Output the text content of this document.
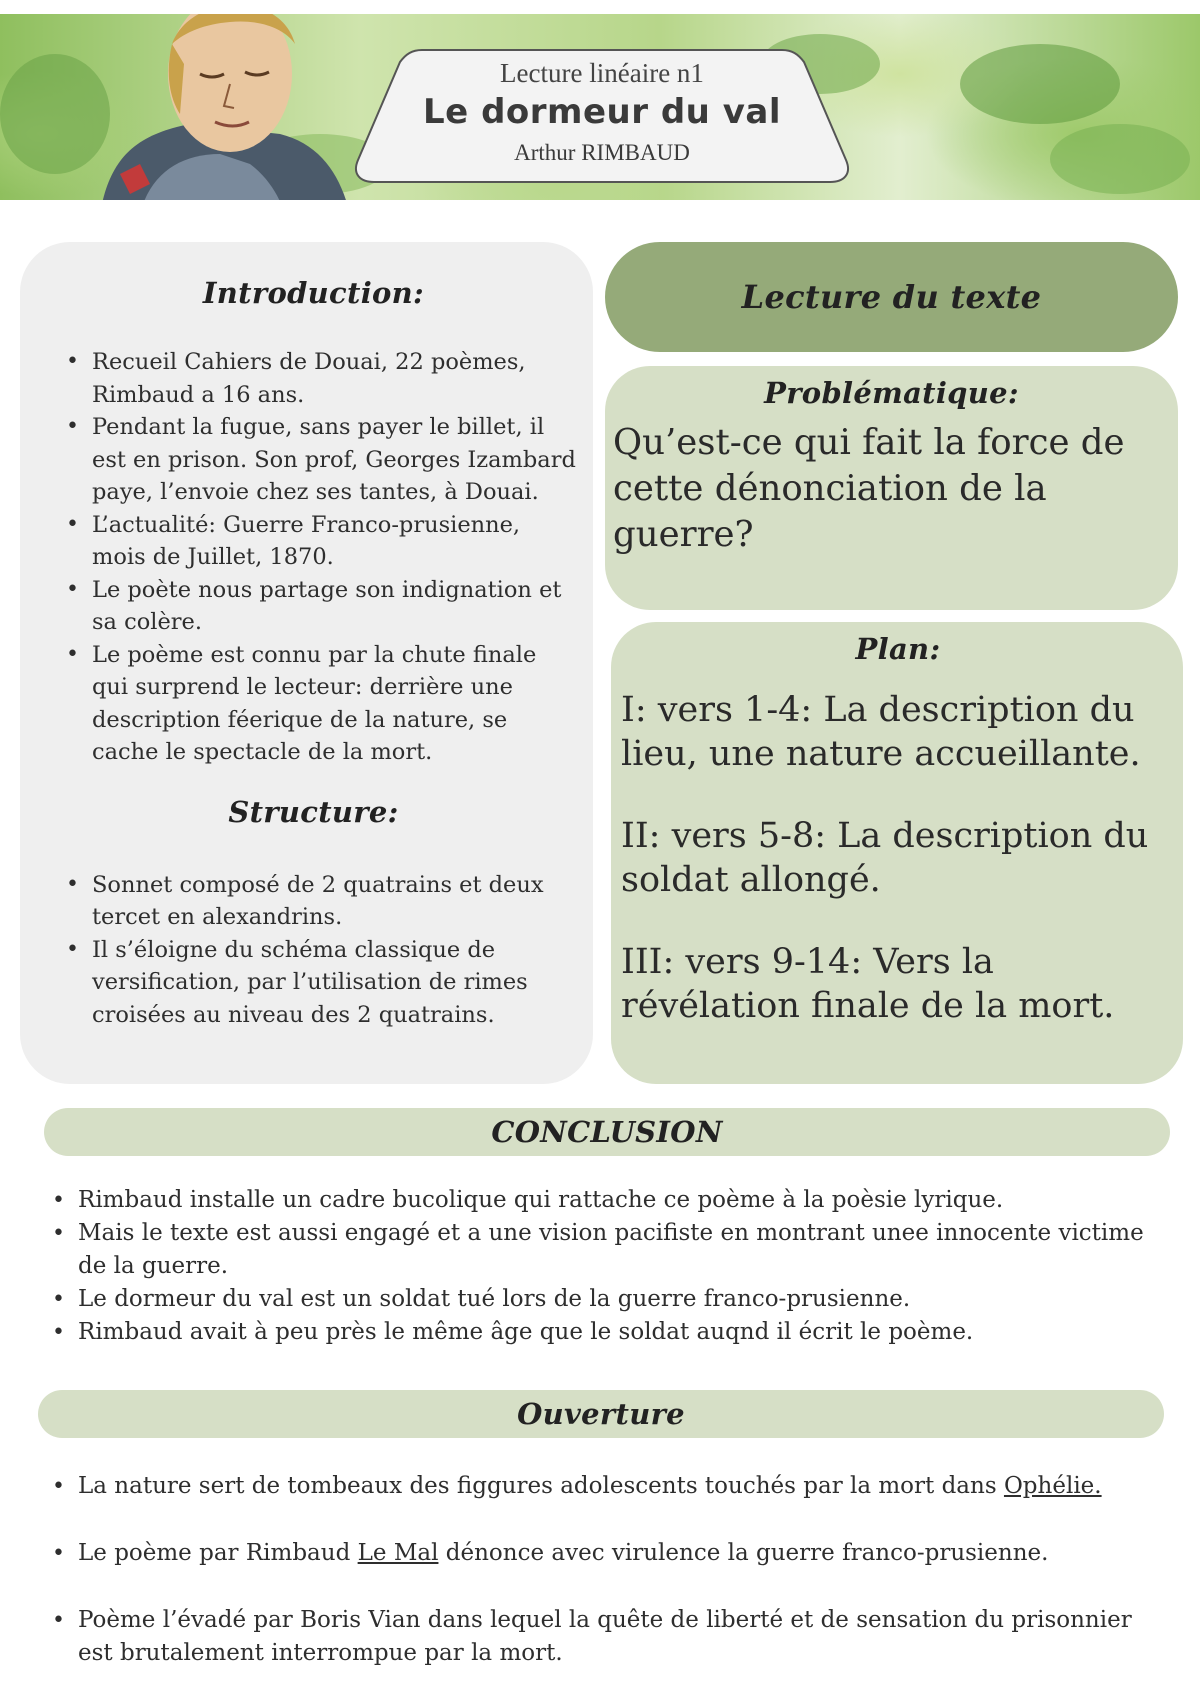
Lecture linéaire n1
Le dormeur du val
Arthur RIMBAUD
Introduction:
• Recueil Cahiers de Douai, 22 poèmes, Rimbaud a 16 ans.
• Pendant la fugue, sans payer le billet, il est en prison. Son prof, Georges Izambard paye, l’envoie chez ses tantes, à Douai.
• L’actualité: Guerre Franco-prusienne, mois de Juillet, 1870.
• Le poète nous partage son indignation et sa colère.
• Le poème est connu par la chute finale qui surprend le lecteur: derrière une description féerique de la nature, se cache le spectacle de la mort.
Structure:
• Sonnet composé de 2 quatrains et deux tercet en alexandrins.
• Il s’éloigne du schéma classique de versification, par l’utilisation de rimes croisées au niveau des 2 quatrains.
Lecture du texte
Problématique:
Qu’est-ce qui fait la force de cette dénonciation de la guerre?
Plan:
I: vers 1-4: La description du lieu, une nature accueillante.
II: vers 5-8: La description du soldat allongé.
III: vers 9-14: Vers la révélation finale de la mort.
CONCLUSION
• Rimbaud installe un cadre bucolique qui rattache ce poème à la poèsie lyrique.
• Mais le texte est aussi engagé et a une vision pacifiste en montrant unee innocente victime de la guerre.
• Le dormeur du val est un soldat tué lors de la guerre franco-prusienne.
• Rimbaud avait à peu près le même âge que le soldat auqnd il écrit le poème.
Ouverture
• La nature sert de tombeaux des figgures adolescents touchés par la mort dans Ophélie.
• Le poème par Rimbaud Le Mal dénonce avec virulence la guerre franco-prusienne.
• Poème l’évadé par Boris Vian dans lequel la quête de liberté et de sensation du prisonnier est brutalement interrompue par la mort.
